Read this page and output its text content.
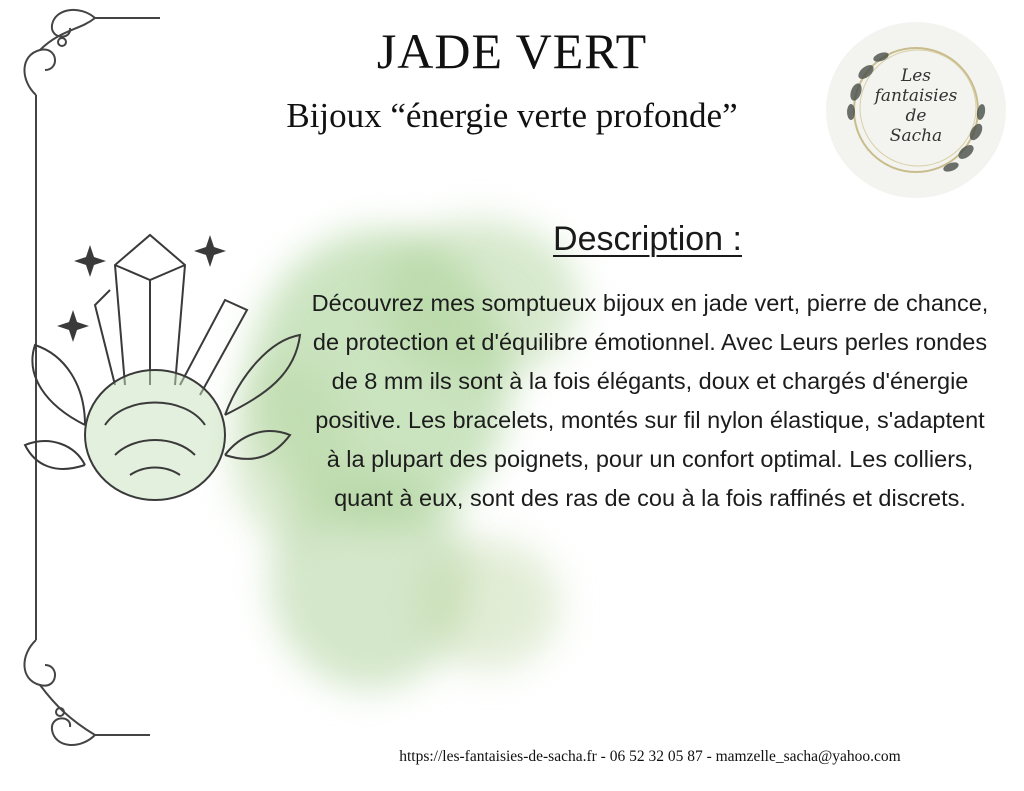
JADE VERT
Bijoux “énergie verte profonde”
Les
fantaisies
de
Sacha
Description :
Découvrez mes somptueux bijoux en jade vert, pierre de chance, de protection et d'équilibre émotionnel. Avec Leurs perles rondes de 8 mm ils sont à la fois élégants, doux et chargés d'énergie positive. Les bracelets, montés sur fil nylon élastique, s'adaptent à la plupart des poignets, pour un confort optimal. Les colliers, quant à eux, sont des ras de cou à la fois raffinés et discrets.
https://les-fantaisies-de-sacha.fr - 06 52 32 05 87 - mamzelle_sacha@yahoo.com
